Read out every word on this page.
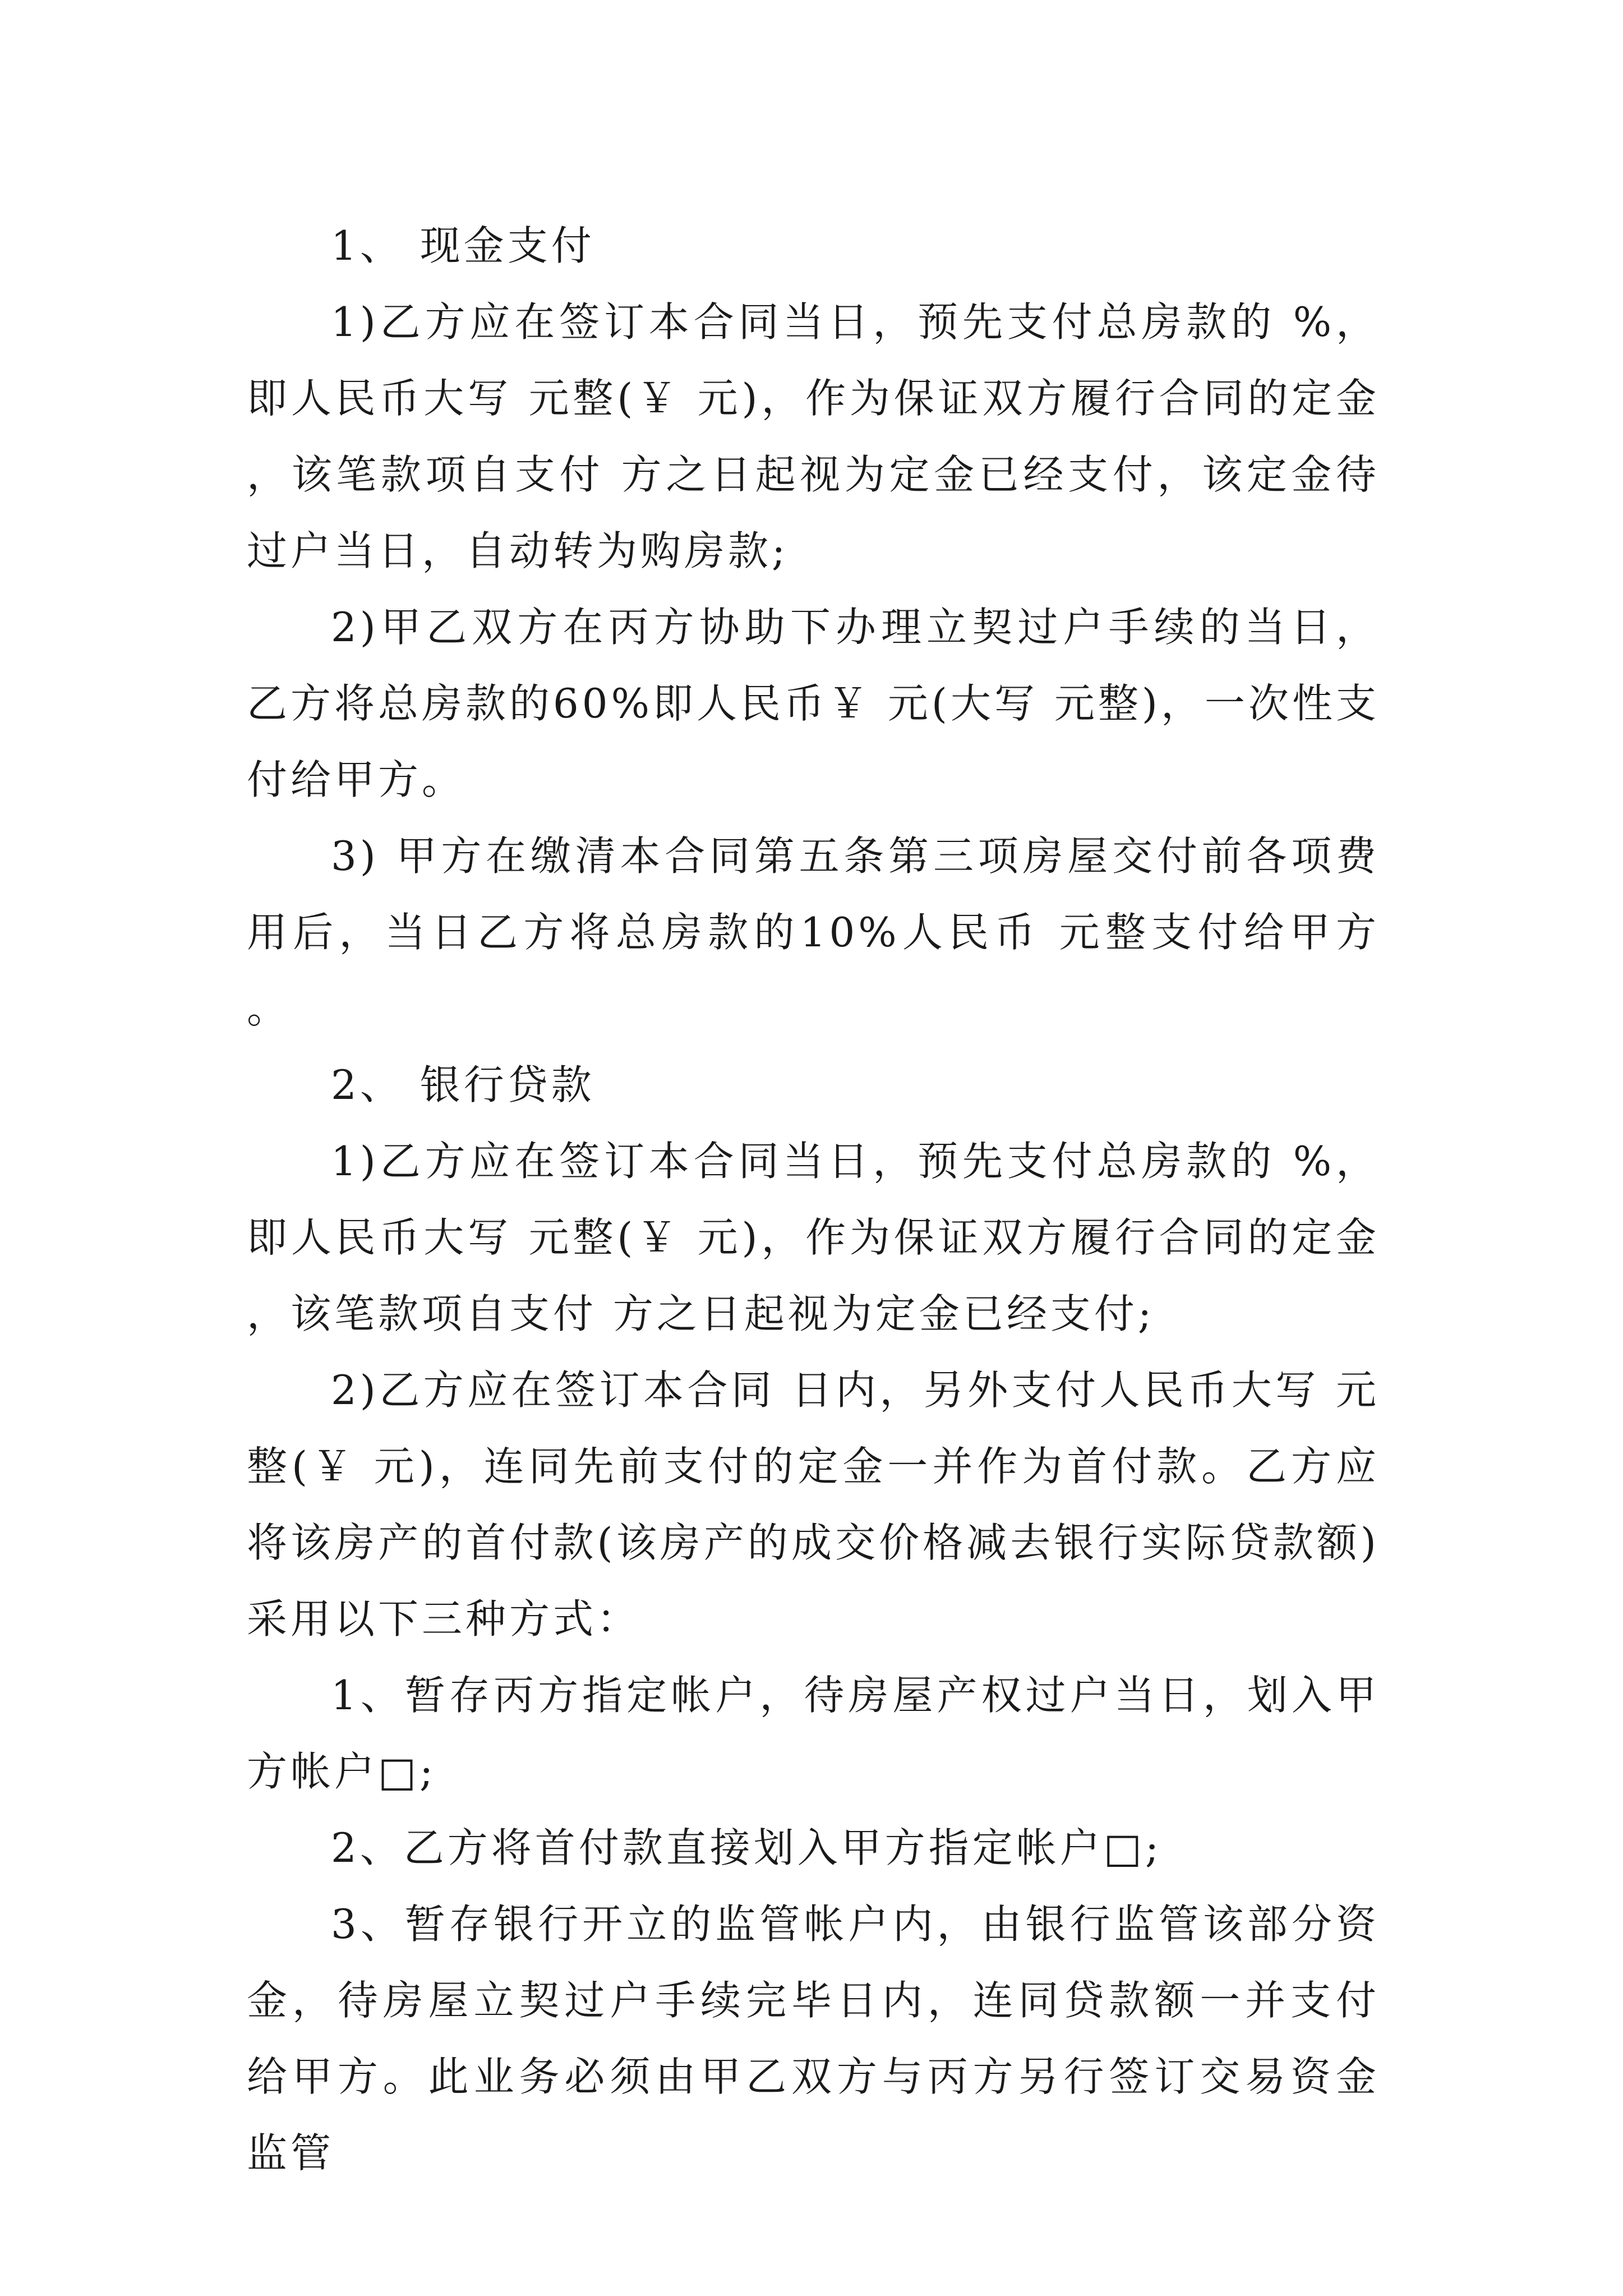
1、 现金支付

1)乙方应在签订本合同当日，预先支付总房款的 %，即人民币大写 元整(￥ 元)，作为保证双方履行合同的定金，该笔款项自支付 方之日起视为定金已经支付，该定金待过户当日，自动转为购房款;

2)甲乙双方在丙方协助下办理立契过户手续的当日，乙方将总房款的60%即人民币￥ 元(大写 元整)，一次性支付给甲方。

3) 甲方在缴清本合同第五条第三项房屋交付前各项费用后，当日乙方将总房款的10%人民币 元整支付给甲方 。

2、 银行贷款

1)乙方应在签订本合同当日，预先支付总房款的 %，即人民币大写 元整(￥ 元)，作为保证双方履行合同的定金，该笔款项自支付 方之日起视为定金已经支付;

2)乙方应在签订本合同 日内，另外支付人民币大写 元整(￥ 元)，连同先前支付的定金一并作为首付款。乙方应将该房产的首付款(该房产的成交价格减去银行实际贷款额)采用以下三种方式：

1、暂存丙方指定帐户，待房屋产权过户当日，划入甲方帐户□;

2、乙方将首付款直接划入甲方指定帐户□;

3、暂存银行开立的监管帐户内，由银行监管该部分资金，待房屋立契过户手续完毕日内，连同贷款额一并支付给甲方。此业务必须由甲乙双方与丙方另行签订交易资金监管
